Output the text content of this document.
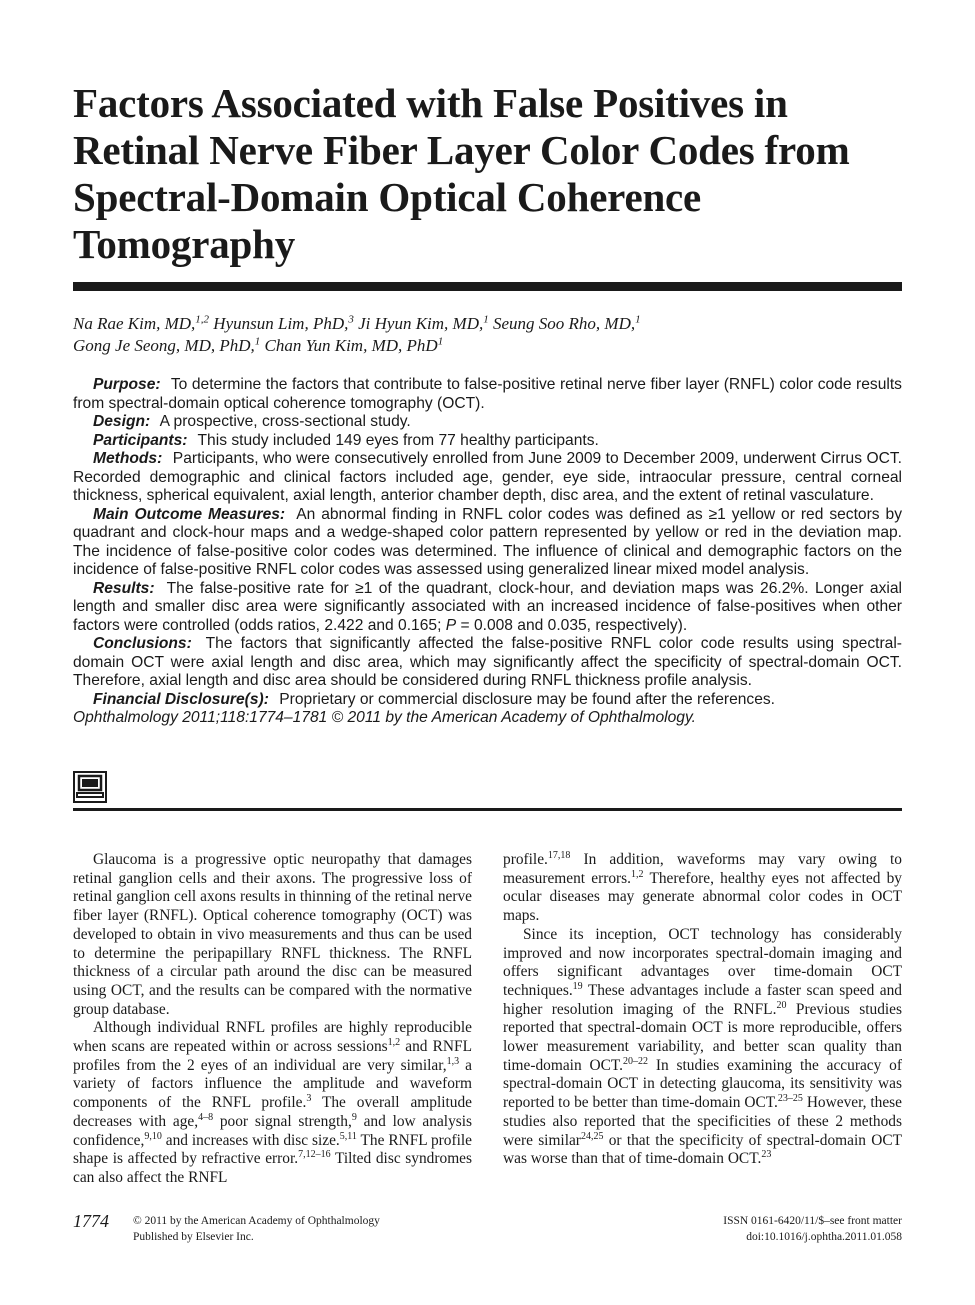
Factors Associated with False Positives in Retinal Nerve Fiber Layer Color Codes from Spectral-Domain Optical Coherence Tomography
Na Rae Kim, MD,$^{1,2}$ Hyunsun Lim, PhD,$^3$ Ji Hyun Kim, MD,$^1$ Seung Soo Rho, MD,$^1$
Gong Je Seong, MD, PhD,$^1$ Chan Yun Kim, MD, PhD$^1$

Purpose: To determine the factors that contribute to false-positive retinal nerve fiber layer (RNFL) color code results from spectral-domain optical coherence tomography (OCT).

Design: A prospective, cross-sectional study.

Participants: This study included 149 eyes from 77 healthy participants.

Methods: Participants, who were consecutively enrolled from June 2009 to December 2009, underwent Cirrus OCT. Recorded demographic and clinical factors included age, gender, eye side, intraocular pressure, central corneal thickness, spherical equivalent, axial length, anterior chamber depth, disc area, and the extent of retinal vasculature.

Main Outcome Measures: An abnormal finding in RNFL color codes was defined as ≥1 yellow or red sectors by quadrant and clock-hour maps and a wedge-shaped color pattern represented by yellow or red in the deviation map. The incidence of false-positive color codes was determined. The influence of clinical and demographic factors on the incidence of false-positive RNFL color codes was assessed using generalized linear mixed model analysis.

Results: The false-positive rate for ≥1 of the quadrant, clock-hour, and deviation maps was 26.2%. Longer axial length and smaller disc area were significantly associated with an increased incidence of false-positives when other factors were controlled (odds ratios, 2.422 and 0.165; P = 0.008 and 0.035, respectively).

Conclusions: The factors that significantly affected the false-positive RNFL color code results using spectral-domain OCT were axial length and disc area, which may significantly affect the specificity of spectral-domain OCT. Therefore, axial length and disc area should be considered during RNFL thickness profile analysis.

Financial Disclosure(s): Proprietary or commercial disclosure may be found after the references.
Ophthalmology 2011;118:1774–1781 © 2011 by the American Academy of Ophthalmology.

Glaucoma is a progressive optic neuropathy that damages retinal ganglion cells and their axons. The progressive loss of retinal ganglion cell axons results in thinning of the retinal nerve fiber layer (RNFL). Optical coherence tomography (OCT) was developed to obtain in vivo measurements and thus can be used to determine the peripapillary RNFL thickness. The RNFL thickness of a circular path around the disc can be measured using OCT, and the results can be compared with the normative group database.

Although individual RNFL profiles are highly reproducible when scans are repeated within or across sessions$^{1,2}$ and RNFL profiles from the 2 eyes of an individual are very similar,$^{1,3}$ a variety of factors influence the amplitude and waveform components of the RNFL profile.$^3$ The overall amplitude decreases with age,$^{4-8}$ poor signal strength,$^9$ and low analysis confidence,$^{9,10}$ and increases with disc size.$^{5,11}$ The RNFL profile shape is affected by refractive error.$^{7,12-16}$ Tilted disc syndromes can also affect the RNFL

profile.$^{17,18}$ In addition, waveforms may vary owing to measurement errors.$^{1,2}$ Therefore, healthy eyes not affected by ocular diseases may generate abnormal color codes in OCT maps.

Since its inception, OCT technology has considerably improved and now incorporates spectral-domain imaging and offers significant advantages over time-domain OCT techniques.$^{19}$ These advantages include a faster scan speed and higher resolution imaging of the RNFL.$^{20}$ Previous studies reported that spectral-domain OCT is more reproducible, offers lower measurement variability, and better scan quality than time-domain OCT.$^{20-22}$ In studies examining the accuracy of spectral-domain OCT in detecting glaucoma, its sensitivity was reported to be better than time-domain OCT.$^{23-25}$ However, these studies also reported that the specificities of these 2 methods were similar$^{24,25}$ or that the specificity of spectral-domain OCT was worse than that of time-domain OCT.$^{23}$

1774 © 2011 by the American Academy of Ophthalmology
Published by Elsevier Inc.
ISSN 0161-6420/11/$–see front matter
doi:10.1016/j.ophtha.2011.01.058
